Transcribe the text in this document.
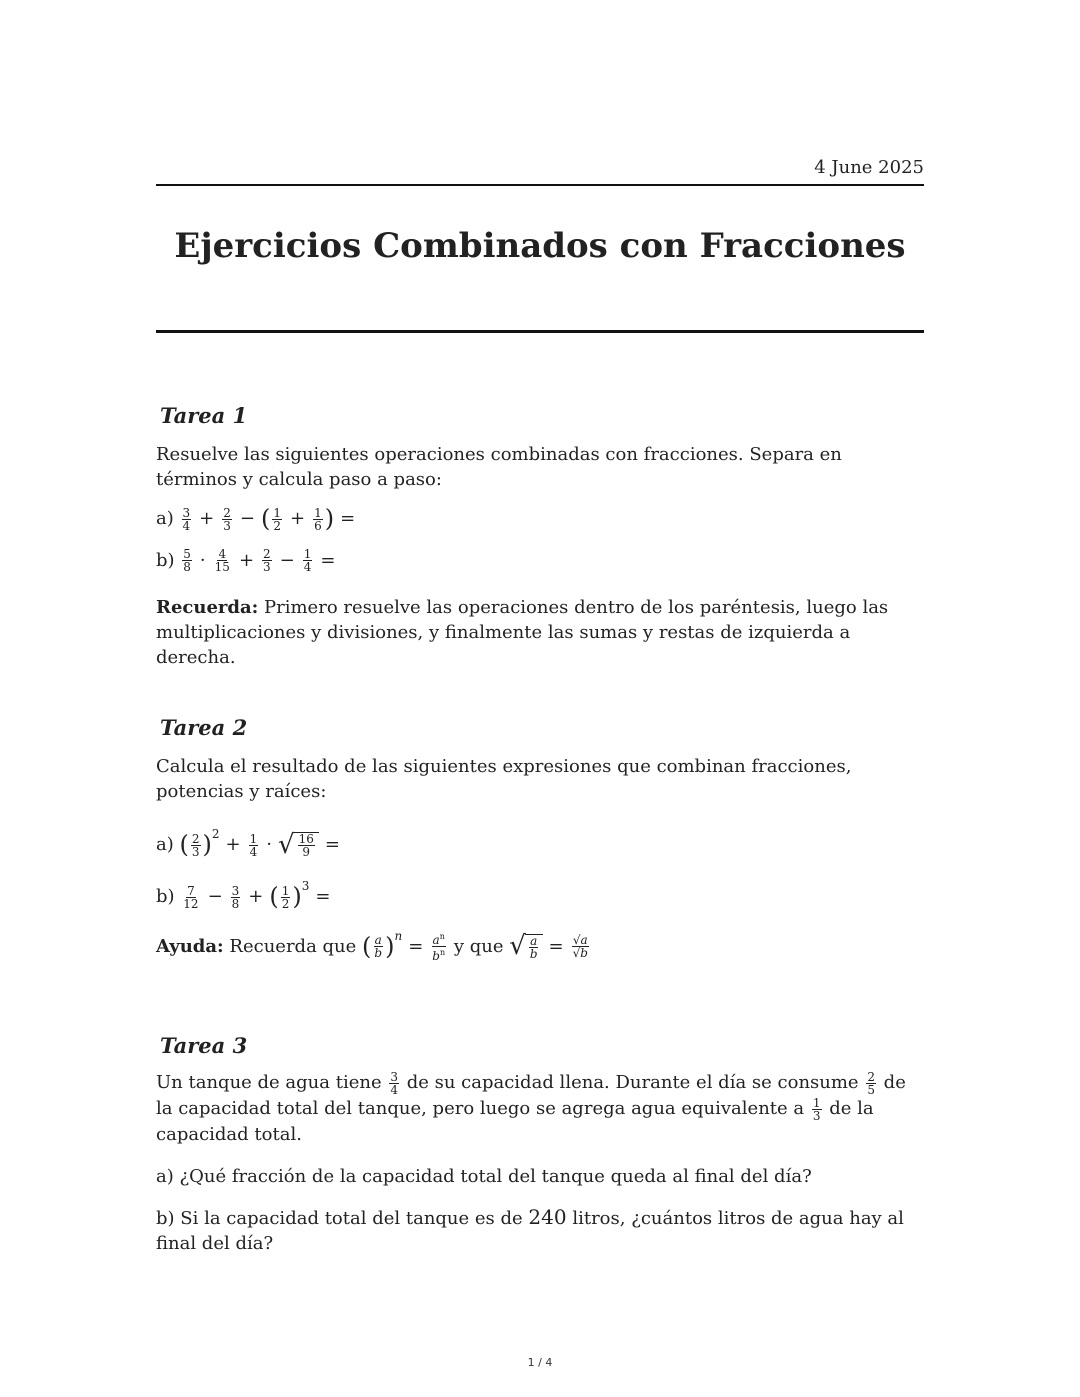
4 June 2025
Ejercicios Combinados con Fracciones
Tarea 1

Resuelve las siguientes operaciones combinadas con fracciones. Separa en términos y calcula paso a paso:

$a) \frac{3}{4} + \frac{2}{3}$ − ( $\frac{1}{2} + \frac{1}{6}$ ) =

$b) \frac{5}{8} \cdot \frac{4}{15} + \frac{2}{3} - \frac{1}{4}$ =

Recuerda: Primero resuelve las operaciones dentro de los paréntesis, luego las multiplicaciones y divisiones, y finalmente las sumas y restas de izquierda a derecha.

Tarea 2

Calcula el resultado de las siguientes expresiones que combinan fracciones, potencias y raíces:

a) ( $\frac{2}{3} )^2 + \frac{1}{4}$ · √ $\frac{16}{9}$ =

$b) \frac{7}{12} - \frac{3}{8}$ + ( $\frac{1}{2} )^3$ =

Ayuda: Recuerda que ( $\frac{a}{b} )^n = \frac{a^n}{b^n}$ y que √ $\frac{a}{b} = \frac{√a}{√b}$

Tarea 3

Un tanque de agua tiene $\frac{3}{4}$ de su capacidad llena. Durante el día se consume $\frac{2}{5}$ de la capacidad total del tanque, pero luego se agrega agua equivalente a $\frac{1}{3}$ de la capacidad total.

a) ¿Qué fracción de la capacidad total del tanque queda al final del día?

b) Si la capacidad total del tanque es de 240 litros, ¿cuántos litros de agua hay al final del día?

1 / 4
